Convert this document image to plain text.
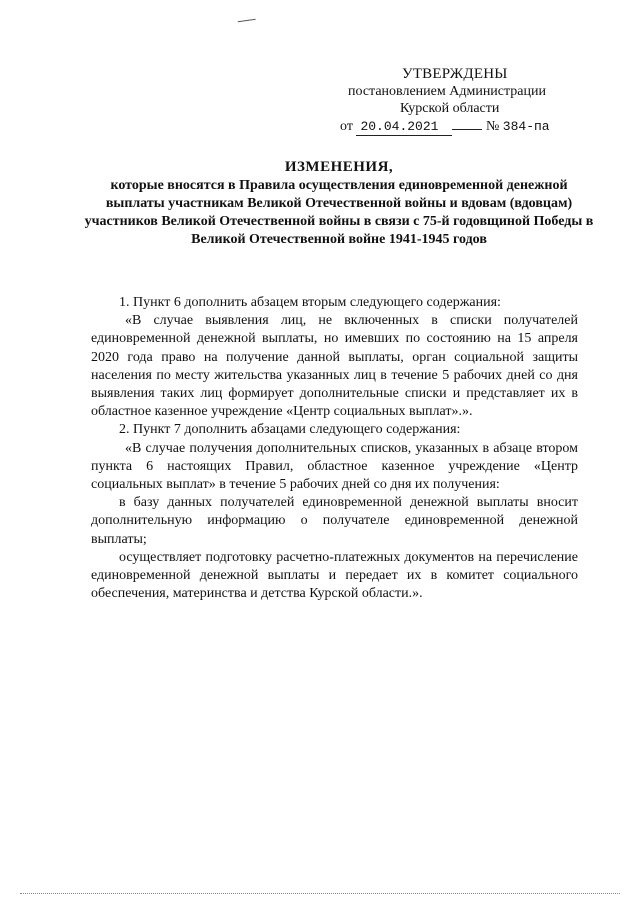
УТВЕРЖДЕНЫ
постановлением Администрации
Курской области
от 20.04.2021	№ 384-па
ИЗМЕНЕНИЯ,
которые вносятся в Правила осуществления единовременной денежной выплаты участникам Великой Отечественной войны и вдовам (вдовцам) участников Великой Отечественной войны в связи с 75-й годовщиной Победы в Великой Отечественной войне 1941-1945 годов

1. Пункт 6 дополнить абзацем вторым следующего содержания:

«В случае выявления лиц, не включенных в списки получателей единовременной денежной выплаты, но имевших по состоянию на 15 апреля 2020 года право на получение данной выплаты, орган социальной защиты населения по месту жительства указанных лиц в течение 5 рабочих дней со дня выявления таких лиц формирует дополнительные списки и представляет их в областное казенное учреждение «Центр социальных выплат».».

2. Пункт 7 дополнить абзацами следующего содержания:

«В случае получения дополнительных списков, указанных в абзаце втором пункта 6 настоящих Правил, областное казенное учреждение «Центр социальных выплат» в течение 5 рабочих дней со дня их получения:

в базу данных получателей единовременной денежной выплаты вносит дополнительную информацию о получателе единовременной денежной выплаты;

осуществляет подготовку расчетно-платежных документов на перечисление единовременной денежной выплаты и передает их в комитет социального обеспечения, материнства и детства Курской области.».
